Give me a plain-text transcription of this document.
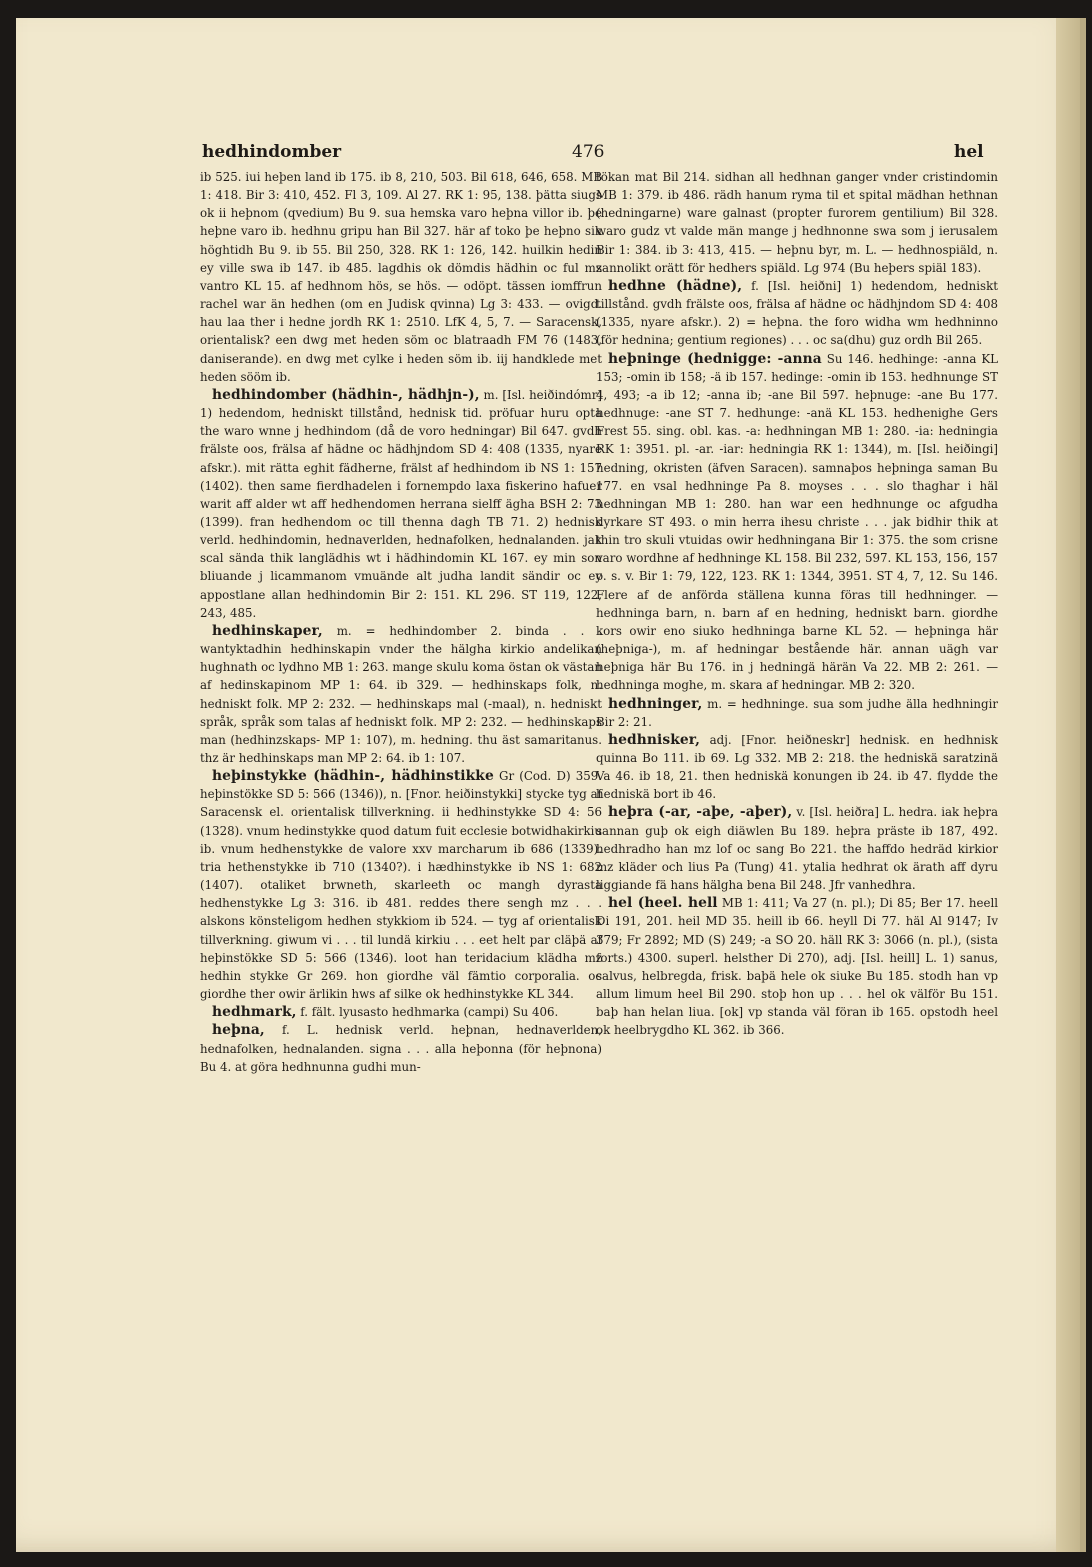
hedhindomber	476	hel

ib 525. iui heþen land ib 175. ib 8, 210, 503. Bil 618, 646, 658. MB 1: 418. Bir 3: 410, 452. Fl 3, 109. Al 27. RK 1: 95, 138. þätta siugs ok ii heþnom (qvedium) Bu 9. sua hemska varo heþna villor ib. þe heþne varo ib. hedhnu gripu han Bil 327. här af toko þe heþno sik höghtidh Bu 9. ib 55. Bil 250, 328. RK 1: 126, 142. huilkin hedin ey ville swa ib 147. ib 485. lagdhis ok dömdis hädhin oc ful mz vantro KL 15. af hedhnom hös, se hös. — odöpt. tässen iomffrun rachel war än hedhen (om en Judisk qvinna) Lg 3: 433. — ovigd. hau laa ther i hedne jordh RK 1: 2510. LfK 4, 5, 7. — Saracensk, orientalisk? een dwg met heden söm oc blatraadh FM 76 (1483, daniserande). en dwg met cylke i heden söm ib. iij handklede met heden sööm ib.

hedhindomber (hädhin-, hädhjn-), m. [Isl. heiðindómr] 1) hedendom, hedniskt tillstånd, hednisk tid. pröfuar huru opta the waro wnne j hedhindom (då de voro hedningar) Bil 647. gvdh frälste oos, frälsa af hädne oc hädhjndom SD 4: 408 (1335, nyare afskr.). mit rätta eghit fädherne, frälst af hedhindom ib NS 1: 157 (1402). then same fierdhadelen i fornempdo laxa fiskerino hafuer warit aff alder wt aff hedhendomen herrana sielff ägha BSH 2: 73 (1399). fran hedhendom oc till thenna dagh TB 71. 2) hednisk verld. hedhindomin, hednaverlden, hednafolken, hednalanden. jak scal sända thik langlädhis wt i hädhindomin KL 167. ey min son bliuande j licammanom vmuände alt judha landit sändir oc ey appostlane allan hedhindomin Bir 2: 151. KL 296. ST 119, 122, 243, 485.

hedhinskaper, m. = hedhindomber 2. binda . . . wantyktadhin hedhinskapin vnder the hälgha kirkio andelikan hughnath oc lydhno MB 1: 263. mange skulu koma östan ok västan af hedinskapinom MP 1: 64. ib 329. — hedhinskaps folk, n. hedniskt folk. MP 2: 232. — hedhinskaps mal (-maal), n. hedniskt språk, språk som talas af hedniskt folk. MP 2: 232. — hedhinskaps man (hedhinzskaps- MP 1: 107), m. hedning. thu äst samaritanus. thz är hedhinskaps man MP 2: 64. ib 1: 107.

heþinstykke (hädhin-, hädhinstikke Gr (Cod. D) 359. heþinstökke SD 5: 566 (1346)), n. [Fnor. heiðinstykki] stycke tyg af Saracensk el. orientalisk tillverkning. ii hedhinstykke SD 4: 56 (1328). vnum hedinstykke quod datum fuit ecclesie botwidhakirkiu ib. vnum hedhenstykke de valore xxv marcharum ib 686 (1339). tria hethenstykke ib 710 (1340?). i hædhinstykke ib NS 1: 682 (1407). otaliket brwneth, skarleeth oc mangh dyrasta hedhenstykke Lg 3: 316. ib 481. reddes there sengh mz . . . alskons könsteligom hedhen stykkiom ib 524. — tyg af orientalisk tillverkning. giwum vi . . . til lundä kirkiu . . . eet helt par cläþä af heþinstökke SD 5: 566 (1346). loot han teridacium klädha mz hedhin stykke Gr 269. hon giordhe väl fämtio corporalia. oc giordhe ther owir ärlikin hws af silke ok hedhinstykke KL 344.

hedhmark, f. fält. lyusasto hedhmarka (campi) Su 406.

heþna, f. L. hednisk verld. heþnan, hednaverlden, hednafolken, hednalanden. signa . . . alla heþonna (för heþnona) Bu 4. at göra hedhnunna gudhi mun-

tökan mat Bil 214. sidhan all hedhnan ganger vnder cristindomin MB 1: 379. ib 486. rädh hanum ryma til et spital mädhan hethnan (hedningarne) ware galnast (propter furorem gentilium) Bil 328. waro gudz vt valde män mange j hedhnonne swa som j ierusalem Bir 1: 384. ib 3: 413, 415. — heþnu byr, m. L. — hedhnospiäld, n. sannolikt orätt för hedhers spiäld. Lg 974 (Bu heþers spiäl 183).

hedhne (hädne), f. [Isl. heiðni] 1) hedendom, hedniskt tillstånd. gvdh frälste oos, frälsa af hädne oc hädhjndom SD 4: 408 (1335, nyare afskr.). 2) = heþna. the foro widha wm hedhninno (för hedninа; gentium regiones) . . . oc sa(dhu) guz ordh Bil 265.

heþninge (hednigge: -anna Su 146. hedhinge: -anna KL 153; -omin ib 158; -ä ib 157. hedinge: -omin ib 153. hedhnunge ST 4, 493; -a ib 12; -anna ib; -ane Bil 597. heþnuge: -ane Bu 177. hedhnuge: -ane ST 7. hedhunge: -anä KL 153. hedhenighe Gers Frest 55. sing. obl. kas. -a: hedhningan MB 1: 280. -ia: hedningia RK 1: 3951. pl. -ar. -iar: hedningia RK 1: 1344), m. [Isl. heiðingi] hedning, okristen (äfven Saracen). samnaþos heþninga saman Bu 177. en vsal hedhninge Pa 8. moyses . . . slo thaghar i häl hedhningan MB 1: 280. han war een hedhnunge oc afgudha dyrkare ST 493. o min herra ihesu christe . . . jak bidhir thik at thin tro skuli vtuidas owir hedhningana Bir 1: 375. the som crisne varo wordhne af hedhninge KL 158. Bil 232, 597. KL 153, 156, 157 o. s. v. Bir 1: 79, 122, 123. RK 1: 1344, 3951. ST 4, 7, 12. Su 146. Flere af de anförda ställena kunna föras till hedhninger. — hedhninga barn, n. barn af en hedning, hedniskt barn. giordhe kors owir eno siuko hedhninga barne KL 52. — heþninga här (heþniga-), m. af hedningar bestående här. annan uägh var heþniga här Bu 176. in j hedningä härän Va 22. MB 2: 261. — hedhninga moghe, m. skara af hedningar. MB 2: 320.

hedhninger, m. = hedhninge. sua som judhe älla hedhningir Bir 2: 21.

hedhnisker, adj. [Fnor. heiðneskr] hednisk. en hedhnisk quinna Bo 111. ib 69. Lg 332. MB 2: 218. the hedniskä saratzinä Va 46. ib 18, 21. then hedniskä konungen ib 24. ib 47. flydde the hedniskä bort ib 46.

heþra (-ar, -aþe, -aþer), v. [Isl. heiðra] L. hedra. iak heþra sannan guþ ok eigh diäwlen Bu 189. heþra präste ib 187, 492. hedhradho han mz lof oc sang Bo 221. the haffdo hedräd kirkior mz kläder och lius Pa (Tung) 41. ytalia hedhrat ok ärath aff dyru liggiande fä hans hälgha bena Bil 248. Jfr vanhedhra.

hel (heel. hell MB 1: 411; Va 27 (n. pl.); Di 85; Ber 17. heell Di 191, 201. heil MD 35. heill ib 66. heyll Di 77. häl Al 9147; Iv 379; Fr 2892; MD (S) 249; -a SO 20. häll RK 3: 3066 (n. pl.), (sista forts.) 4300. superl. helsther Di 270), adj. [Isl. heill] L. 1) sanus, salvus, helbregda, frisk. baþä hele ok siuke Bu 185. stodh han vp allum limum heel Bil 290. stoþ hon up . . . hel ok välför Bu 151. baþ han helan liua. [ok] vp standa väl föran ib 165. opstodh heel ok heelbrygdho KL 362. ib 366.
